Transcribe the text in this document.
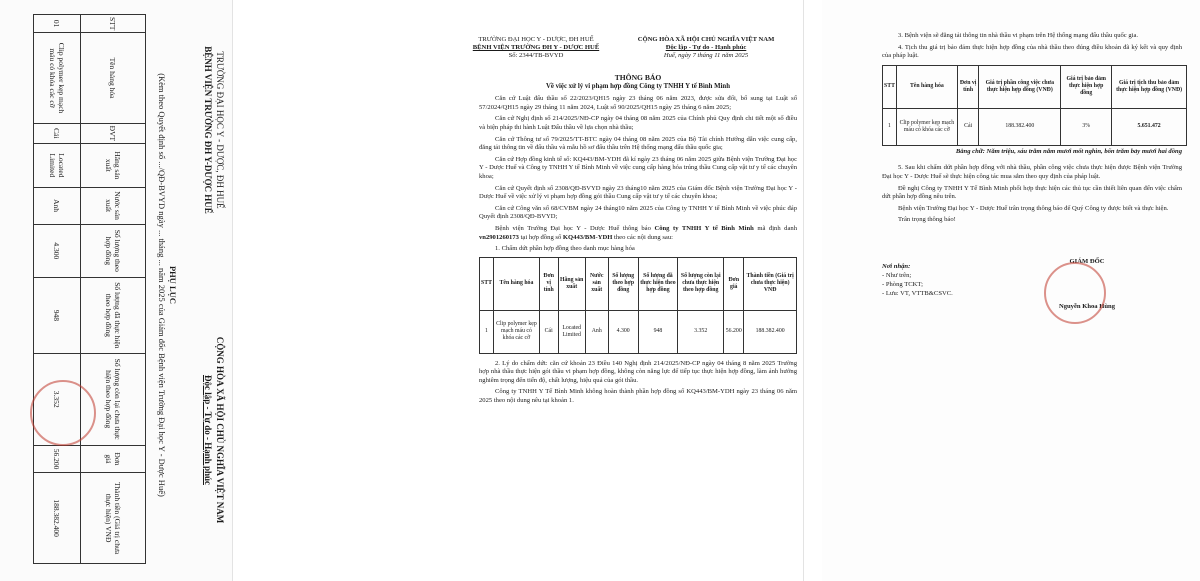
TRƯỜNG ĐẠI HỌC Y - DƯỢC, ĐH HUẾ
BỆNH VIỆN TRƯỜNG ĐH Y-DƯỢC HUẾ
CỘNG HÒA XÃ HỘI CHỦ NGHĨA VIỆT NAM
Độc lập - Tự do - Hạnh phúc
PHỤ LỤC
(Kèm theo Quyết định số .../QĐ-BVYD ngày ... tháng ... năm 2025 của Giám đốc Bệnh viện Trường Đại học Y - Dược Huế)
STT	Tên hàng hóa	ĐVT	Hãng sản xuất	Nước sản xuất	Số lượng theo hợp đồng	Số lượng đã thực hiện theo hợp đồng	Số lượng còn lại chưa thực hiện theo hợp đồng	Đơn giá	Thành tiền (Giá trị chưa thực hiện) VNĐ
01	Clip polymer kẹp mạch máu có khóa các cỡ	Cái	Located Limited	Anh	4.300	948	3.352	56.200	188.382.400
TRƯỜNG ĐẠI HỌC Y - DƯỢC, ĐH HUẾ
BỆNH VIỆN TRƯỜNG ĐH Y - DƯỢC HUẾ
Số: 2344/TB-BVYD
CỘNG HÒA XÃ HỘI CHỦ NGHĨA VIỆT NAM
Độc lập - Tự do - Hạnh phúc
Huế, ngày 7 tháng 11 năm 2025
THÔNG BÁO
Về việc xử lý vi phạm hợp đồng Công ty TNHH Y tế Bình Minh

Căn cứ Luật đấu thầu số 22/2023/QH15 ngày 23 tháng 06 năm 2023, được sửa đổi, bổ sung tại Luật số 57/2024/QH15 ngày 29 tháng 11 năm 2024, Luật số 90/2025/QH15 ngày 25 tháng 6 năm 2025;

Căn cứ Nghị định số 214/2025/NĐ-CP ngày 04 tháng 08 năm 2025 của Chính phủ Quy định chi tiết một số điều và biện pháp thi hành Luật Đấu thầu về lựa chọn nhà thầu;

Căn cứ Thông tư số 79/2025/TT-BTC ngày 04 tháng 08 năm 2025 của Bộ Tài chính Hướng dẫn việc cung cấp, đăng tải thông tin về đấu thầu và mẫu hồ sơ đấu thầu trên Hệ thống mạng đấu thầu quốc gia;

Căn cứ Hợp đồng kinh tế số: KQ443/BM-YDH đã kí ngày 23 tháng 06 năm 2025 giữa Bệnh viện Trường Đại học Y - Dược Huế và Công ty TNHH Y tế Bình Minh về việc cung cấp hàng hóa trúng thầu Cung cấp vật tư y tế các chuyên khoa;

Căn cứ Quyết định số 2308/QĐ-BVYD ngày 23 tháng10 năm 2025 của Giám đốc Bệnh viện Trường Đại học Y - Dược Huế về việc xử lý vi phạm hợp đồng gói thầu Cung cấp vật tư y tế các chuyên khoa;

Căn cứ Công văn số 68/CVBM ngày 24 tháng10 năm 2025 của Công ty TNHH Y tế Bình Minh về việc phúc đáp Quyết định 2308/QĐ-BVYD;

Bệnh viện Trường Đại học Y - Dược Huế thông báo Công ty TNHH Y tế Bình Minh mã định danh vn2901260173 tại hợp đồng số KQ443/BM-YDH theo các nội dung sau:

1. Chấm dứt phần hợp đồng theo danh mục hàng hóa

STT	Tên hàng hóa	Đơn vị tính	Hãng sản xuất	Nước sản xuất	Số lượng theo hợp đồng	Số lượng đã thực hiện theo hợp đồng	Số lượng còn lại chưa thực hiện theo hợp đồng	Đơn giá	Thành tiền (Giá trị chưa thực hiện) VNĐ
1	Clip polymer kẹp mạch máu có khóa các cỡ	Cái	Located Limited	Anh	4.300	948	3.352	56.200	188.382.400

2. Lý do chấm dứt: căn cứ khoản 23 Điều 140 Nghị định 214/2025/NĐ-CP ngày 04 tháng 8 năm 2025 Trường hợp nhà thầu thực hiện gói thầu vi phạm hợp đồng, không còn năng lực để tiếp tục thực hiện hợp đồng, làm ảnh hưởng nghiêm trọng đến tiến độ, chất lượng, hiệu quả của gói thầu.

Công ty TNHH Y Tế Bình Minh không hoàn thành phần hợp đồng số KQ443/BM-YDH ngày 23 tháng 06 năm 2025 theo nội dung nêu tại khoản 1.

3. Bệnh viện sẽ đăng tải thông tin nhà thầu vi phạm trên Hệ thống mạng đấu thầu quốc gia.

4. Tịch thu giá trị bảo đảm thực hiện hợp đồng của nhà thầu theo đúng điều khoản đã ký kết và quy định của pháp luật.

STT	Tên hàng hóa	Đơn vị tính	Giá trị phần công việc chưa thực hiện hợp đồng (VNĐ)	Giá trị bảo đảm thực hiện hợp đồng	Giá trị tịch thu bảo đảm thực hiện hợp đồng (VNĐ)
1	Clip polymer kẹp mạch máu có khóa các cỡ	Cái	188.382.400	3%	5.651.472
Bằng chữ: Năm triệu, sáu trăm năm mươi mốt nghìn, bốn trăm bảy mươi hai đồng

5. Sau khi chấm dứt phần hợp đồng với nhà thầu, phần công việc chưa thực hiện được Bệnh viện Trường Đại học Y - Dược Huế sẽ thực hiện công tác mua sắm theo quy định của pháp luật.

Đề nghị Công ty TNHH Y Tế Bình Minh phối hợp thực hiện các thủ tục cần thiết liên quan đến việc chấm dứt phần hợp đồng nêu trên.

Bệnh viện Trường Đại học Y - Dược Huế trân trọng thông báo để Quý Công ty được biết và thực hiện.

Trân trọng thông báo!

Nơi nhận:
- Như trên;
- Phòng TCKT;
- Lưu: VT, VTTB&CSVC.
GIÁM ĐỐC
Nguyễn Khoa Hùng
